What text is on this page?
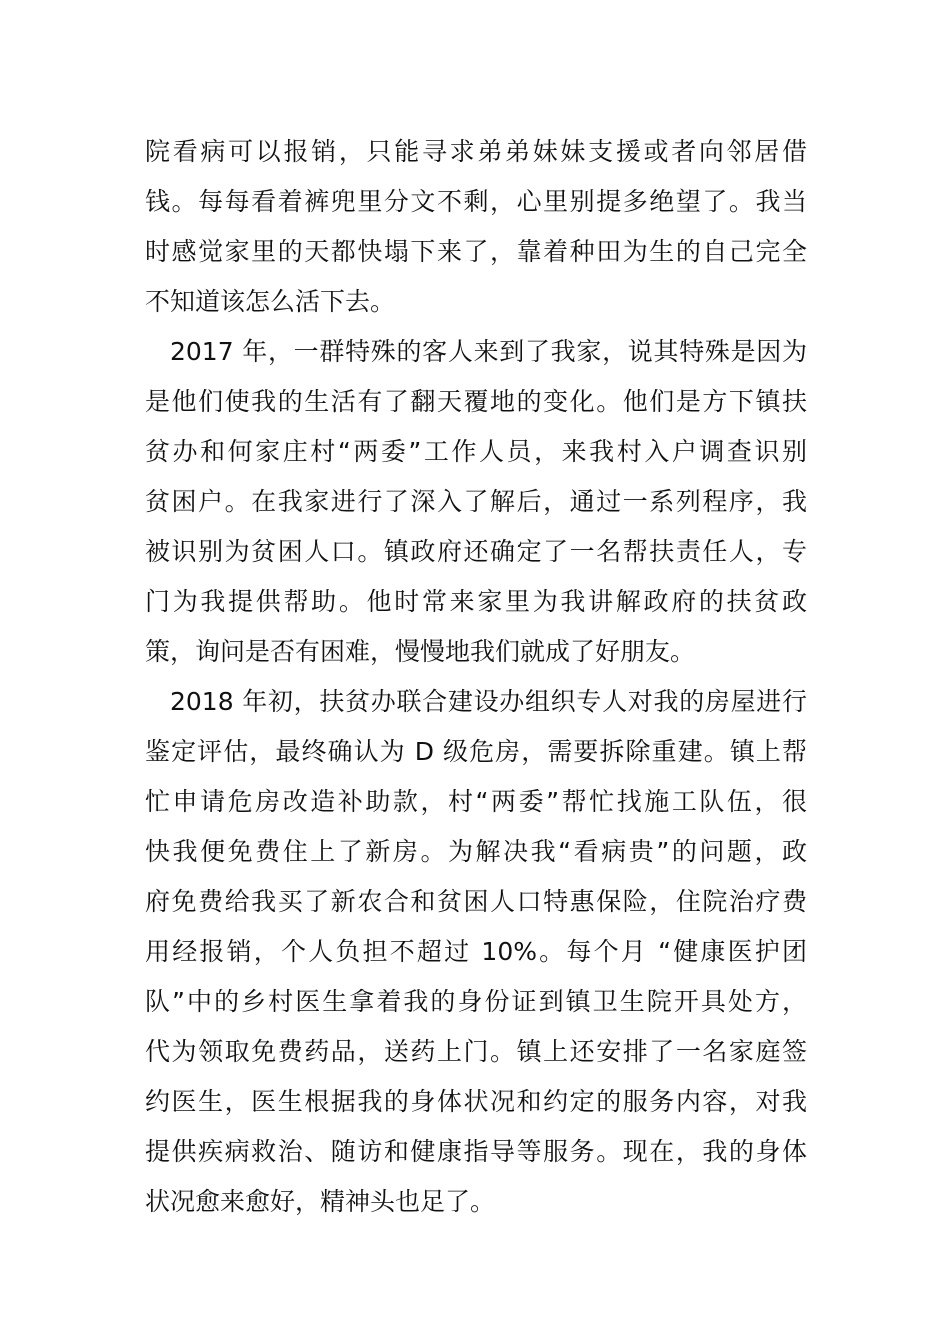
院看病可以报销，只能寻求弟弟妹妹支援或者向邻居借
钱。每每看着裤兜里分文不剩，心里别提多绝望了。我当
时感觉家里的天都快塌下来了，靠着种田为生的自己完全
不知道该怎么活下去。
2017 年，一群特殊的客人来到了我家，说其特殊是因为
是他们使我的生活有了翻天覆地的变化。他们是方下镇扶
贫办和何家庄村“两委”工作人员，来我村入户调查识别
贫困户。在我家进行了深入了解后，通过一系列程序，我
被识别为贫困人口。镇政府还确定了一名帮扶责任人，专
门为我提供帮助。他时常来家里为我讲解政府的扶贫政
策，询问是否有困难，慢慢地我们就成了好朋友。
2018 年初，扶贫办联合建设办组织专人对我的房屋进行
鉴定评估，最终确认为 D 级危房，需要拆除重建。镇上帮
忙申请危房改造补助款，村“两委”帮忙找施工队伍，很
快我便免费住上了新房。为解决我“看病贵”的问题，政
府免费给我买了新农合和贫困人口特惠保险，住院治疗费
用经报销，个人负担不超过 10%。每个月 “健康医护团
队”中的乡村医生拿着我的身份证到镇卫生院开具处方，
代为领取免费药品，送药上门。镇上还安排了一名家庭签
约医生，医生根据我的身体状况和约定的服务内容，对我
提供疾病救治、随访和健康指导等服务。现在，我的身体
状况愈来愈好，精神头也足了。
